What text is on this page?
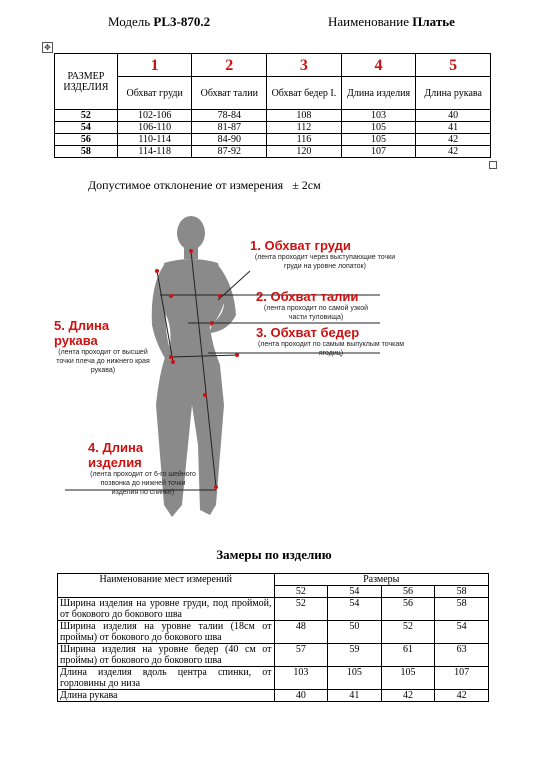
Модель PL3-870.2	Наименование Платье
✥
РАЗМЕР ИЗДЕЛИЯ	1	2	3	4	5
	Обхват груди	Обхват талии	Обхват бедер I.	Длина изделия	Длина рукава
52	102-106	78-84	108	103	40
54	106-110	81-87	112	105	41
56	110-114	84-90	116	105	42
58	114-118	87-92	120	107	42
Допустимое отклонение от измерения ± 2см
1. Обхват груди
(лента проходит через выступающие точки груди на уровне лопаток)
2. Обхват талии
(лента проходит по самой узкой части туловища)
3. Обхват бедер
(лента проходит по самым выпуклым точкам ягодиц)
4. Длина изделия
(лента проходит от 6-го шейного позвонка до нижней точки изделия по спинке)
5. Длина рукава
(лента проходит от высшей точки плеча до нижнего края рукава)
Замеры по изделию
Наименование мест измерений	Размеры			
	52	54	56	58
Ширина изделия на уровне груди, под проймой, от бокового до бокового шва	52	54	56	58
Ширина изделия на уровне талии (18см от проймы) от бокового до бокового шва	48	50	52	54
Ширина изделия на уровне бедер (40 см от проймы) от бокового до бокового шва	57	59	61	63
Длина изделия вдоль центра спинки, от горловины до низа	103	105	105	107
Длина рукава	40	41	42	42
